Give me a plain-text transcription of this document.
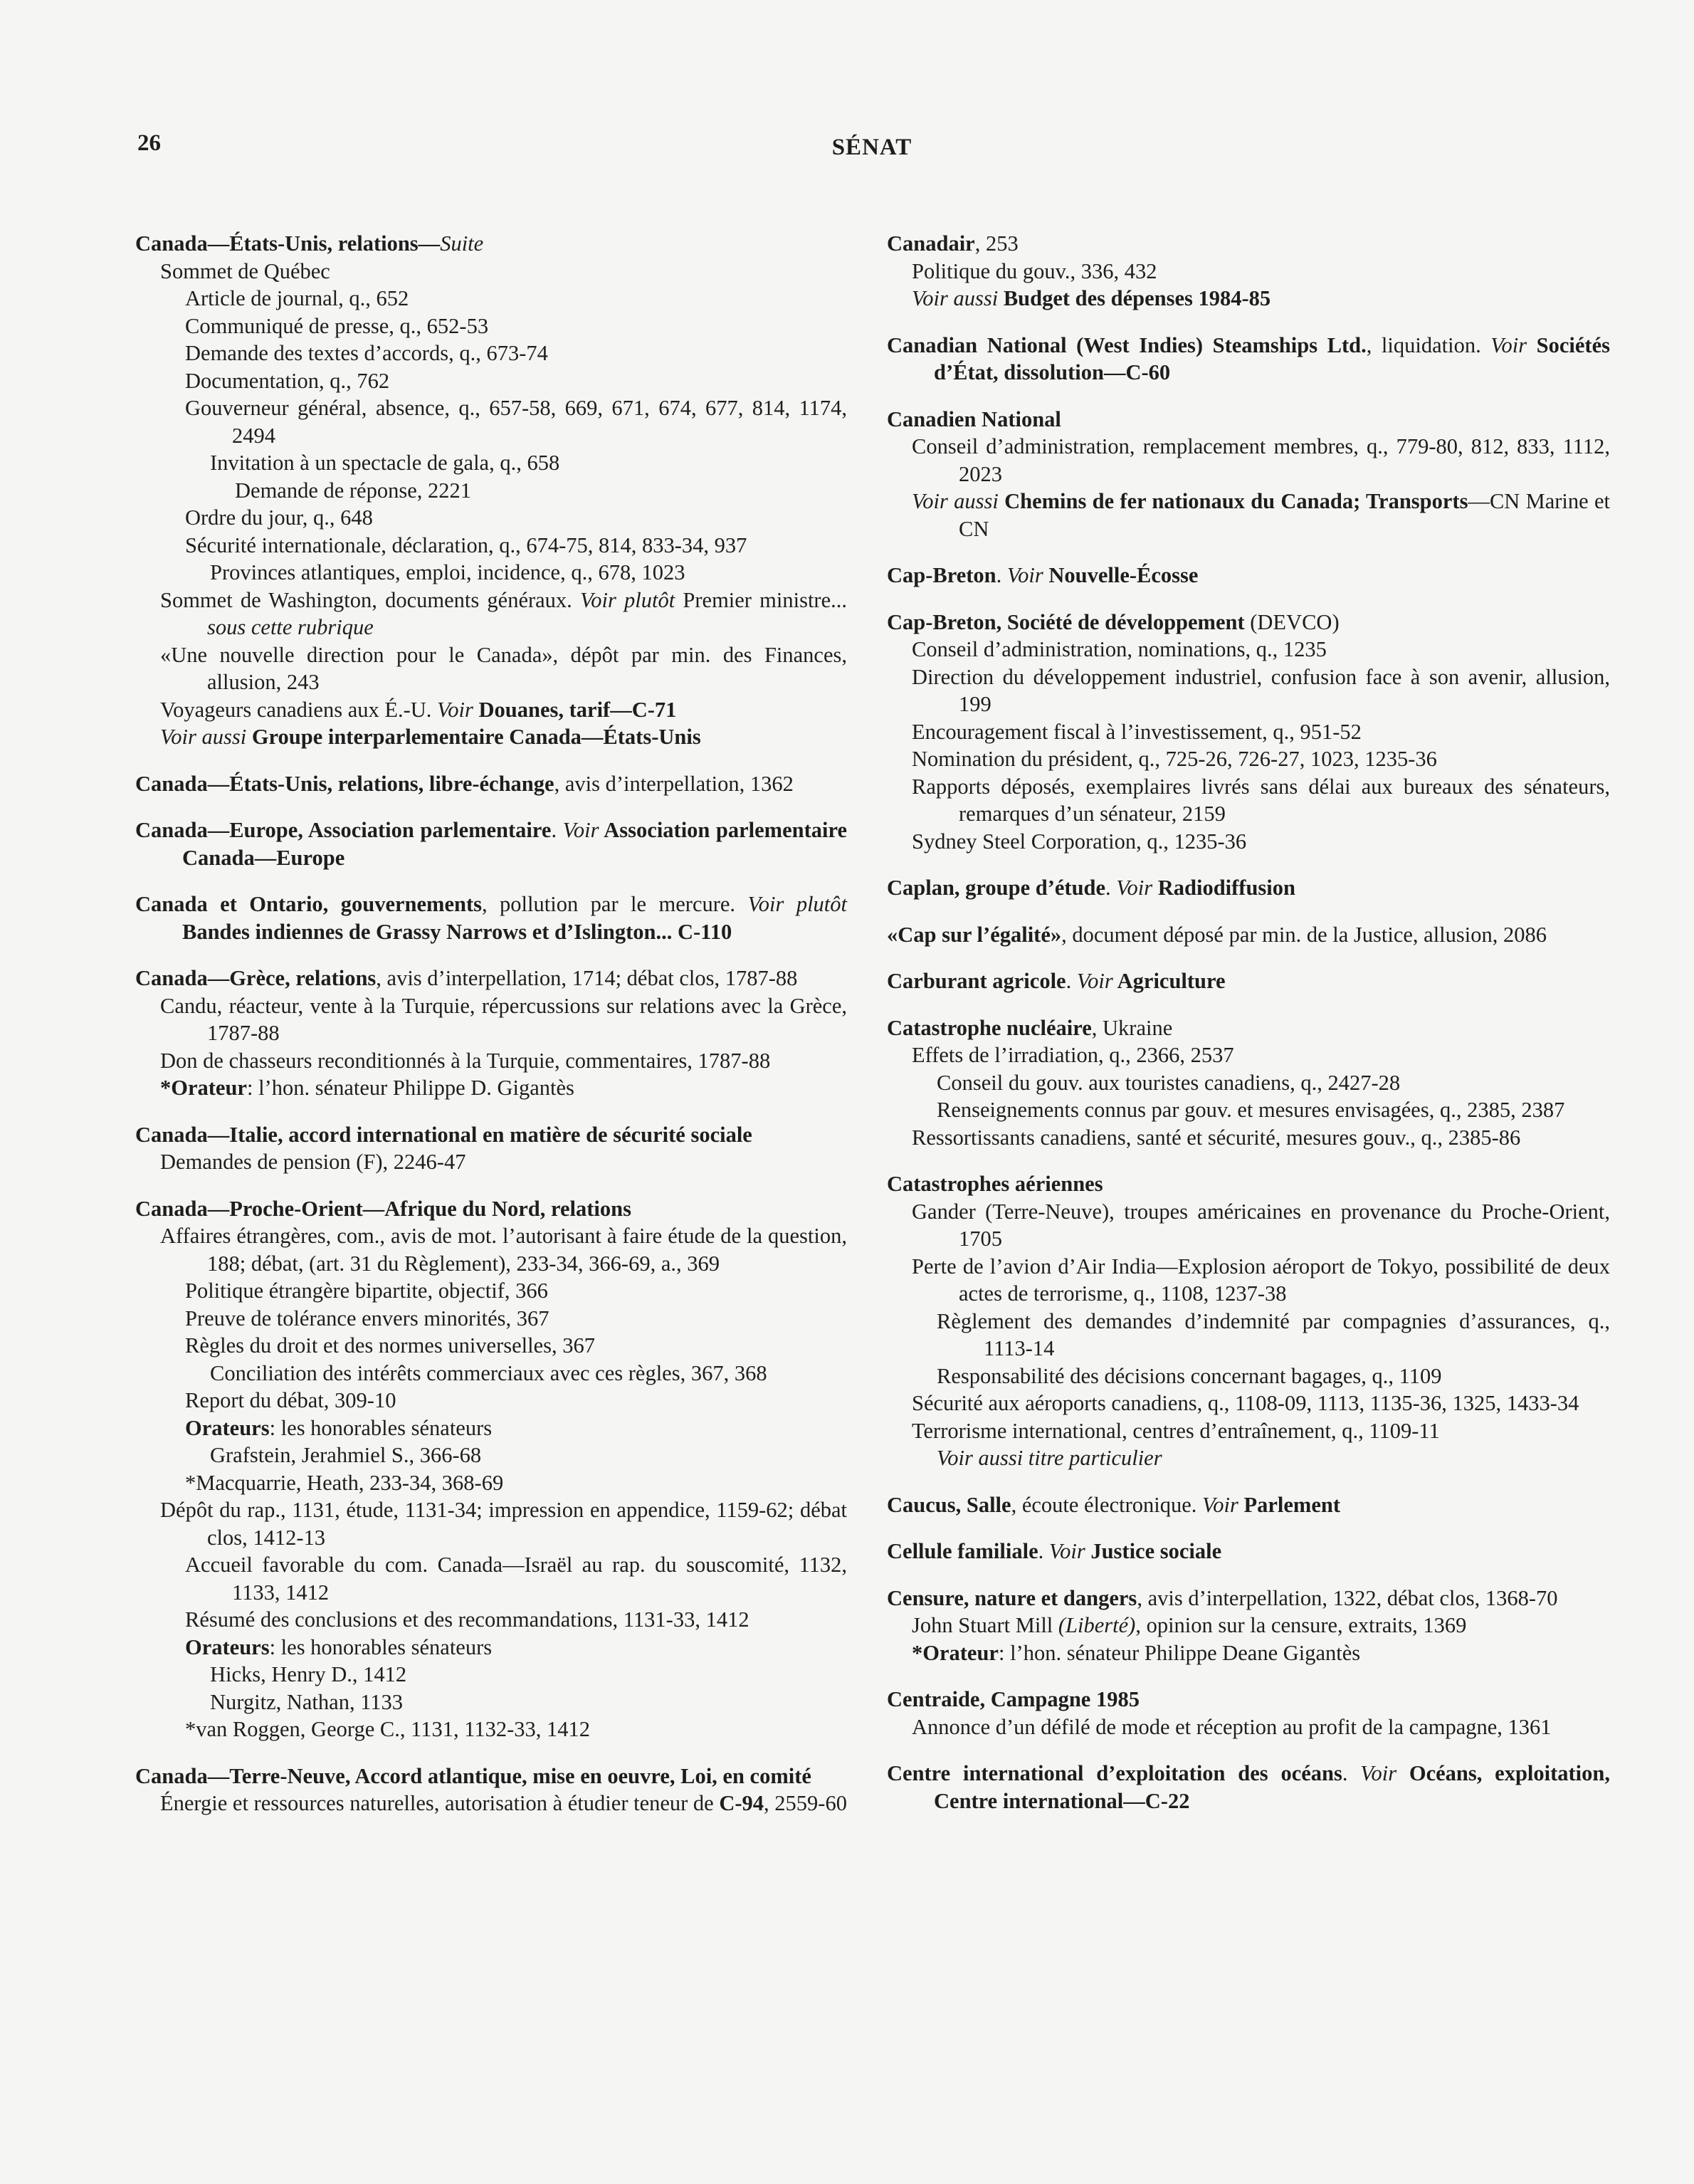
26	SÉNAT
Canada—États-Unis, relations—Suite
Sommet de Québec
Article de journal, q., 652
Communiqué de presse, q., 652-53
Demande des textes d’accords, q., 673-74
Documentation, q., 762
Gouverneur général, absence, q., 657-58, 669, 671, 674, 677, 814, 1174, 2494
Invitation à un spectacle de gala, q., 658
Demande de réponse, 2221
Ordre du jour, q., 648
Sécurité internationale, déclaration, q., 674-75, 814, 833-34, 937
Provinces atlantiques, emploi, incidence, q., 678, 1023
Sommet de Washington, documents généraux. Voir plutôt Premier ministre... sous cette rubrique
«Une nouvelle direction pour le Canada», dépôt par min. des Finances, allusion, 243
Voyageurs canadiens aux É.-U. Voir Douanes, tarif—C-71
Voir aussi Groupe interparlementaire Canada—États-Unis
Canada—États-Unis, relations, libre-échange, avis d’interpellation, 1362
Canada—Europe, Association parlementaire. Voir Association parlementaire Canada—Europe
Canada et Ontario, gouvernements, pollution par le mercure. Voir plutôt Bandes indiennes de Grassy Narrows et d’Islington... C-110
Canada—Grèce, relations, avis d’interpellation, 1714; débat clos, 1787-88
Candu, réacteur, vente à la Turquie, répercussions sur relations avec la Grèce, 1787-88
Don de chasseurs reconditionnés à la Turquie, commentaires, 1787-88
*Orateur: l’hon. sénateur Philippe D. Gigantès
Canada—Italie, accord international en matière de sécurité sociale
Demandes de pension (F), 2246-47
Canada—Proche-Orient—Afrique du Nord, relations
Affaires étrangères, com., avis de mot. l’autorisant à faire étude de la question, 188; débat, (art. 31 du Règlement), 233-34, 366-69, a., 369
Politique étrangère bipartite, objectif, 366
Preuve de tolérance envers minorités, 367
Règles du droit et des normes universelles, 367
Conciliation des intérêts commerciaux avec ces règles, 367, 368
Report du débat, 309-10
Orateurs: les honorables sénateurs
Grafstein, Jerahmiel S., 366-68
*Macquarrie, Heath, 233-34, 368-69
Dépôt du rap., 1131, étude, 1131-34; impression en appendice, 1159-62; débat clos, 1412-13
Accueil favorable du com. Canada—Israël au rap. du souscomité, 1132, 1133, 1412
Résumé des conclusions et des recommandations, 1131-33, 1412
Orateurs: les honorables sénateurs
Hicks, Henry D., 1412
Nurgitz, Nathan, 1133
*van Roggen, George C., 1131, 1132-33, 1412
Canada—Terre-Neuve, Accord atlantique, mise en oeuvre, Loi, en comité
Énergie et ressources naturelles, autorisation à étudier teneur de C-94, 2559-60
Canadair, 253
Politique du gouv., 336, 432
Voir aussi Budget des dépenses 1984-85
Canadian National (West Indies) Steamships Ltd., liquidation. Voir Sociétés d’État, dissolution—C-60
Canadien National
Conseil d’administration, remplacement membres, q., 779-80, 812, 833, 1112, 2023
Voir aussi Chemins de fer nationaux du Canada; Transports—CN Marine et CN
Cap-Breton. Voir Nouvelle-Écosse
Cap-Breton, Société de développement (DEVCO)
Conseil d’administration, nominations, q., 1235
Direction du développement industriel, confusion face à son avenir, allusion, 199
Encouragement fiscal à l’investissement, q., 951-52
Nomination du président, q., 725-26, 726-27, 1023, 1235-36
Rapports déposés, exemplaires livrés sans délai aux bureaux des sénateurs, remarques d’un sénateur, 2159
Sydney Steel Corporation, q., 1235-36
Caplan, groupe d’étude. Voir Radiodiffusion
«Cap sur l’égalité», document déposé par min. de la Justice, allusion, 2086
Carburant agricole. Voir Agriculture
Catastrophe nucléaire, Ukraine
Effets de l’irradiation, q., 2366, 2537
Conseil du gouv. aux touristes canadiens, q., 2427-28
Renseignements connus par gouv. et mesures envisagées, q., 2385, 2387
Ressortissants canadiens, santé et sécurité, mesures gouv., q., 2385-86
Catastrophes aériennes
Gander (Terre-Neuve), troupes américaines en provenance du Proche-Orient, 1705
Perte de l’avion d’Air India—Explosion aéroport de Tokyo, possibilité de deux actes de terrorisme, q., 1108, 1237-38
Règlement des demandes d’indemnité par compagnies d’assurances, q., 1113-14
Responsabilité des décisions concernant bagages, q., 1109
Sécurité aux aéroports canadiens, q., 1108-09, 1113, 1135-36, 1325, 1433-34
Terrorisme international, centres d’entraînement, q., 1109-11
Voir aussi titre particulier
Caucus, Salle, écoute électronique. Voir Parlement
Cellule familiale. Voir Justice sociale
Censure, nature et dangers, avis d’interpellation, 1322, débat clos, 1368-70
John Stuart Mill (Liberté), opinion sur la censure, extraits, 1369
*Orateur: l’hon. sénateur Philippe Deane Gigantès
Centraide, Campagne 1985
Annonce d’un défilé de mode et réception au profit de la campagne, 1361
Centre international d’exploitation des océans. Voir Océans, exploitation, Centre international—C-22
